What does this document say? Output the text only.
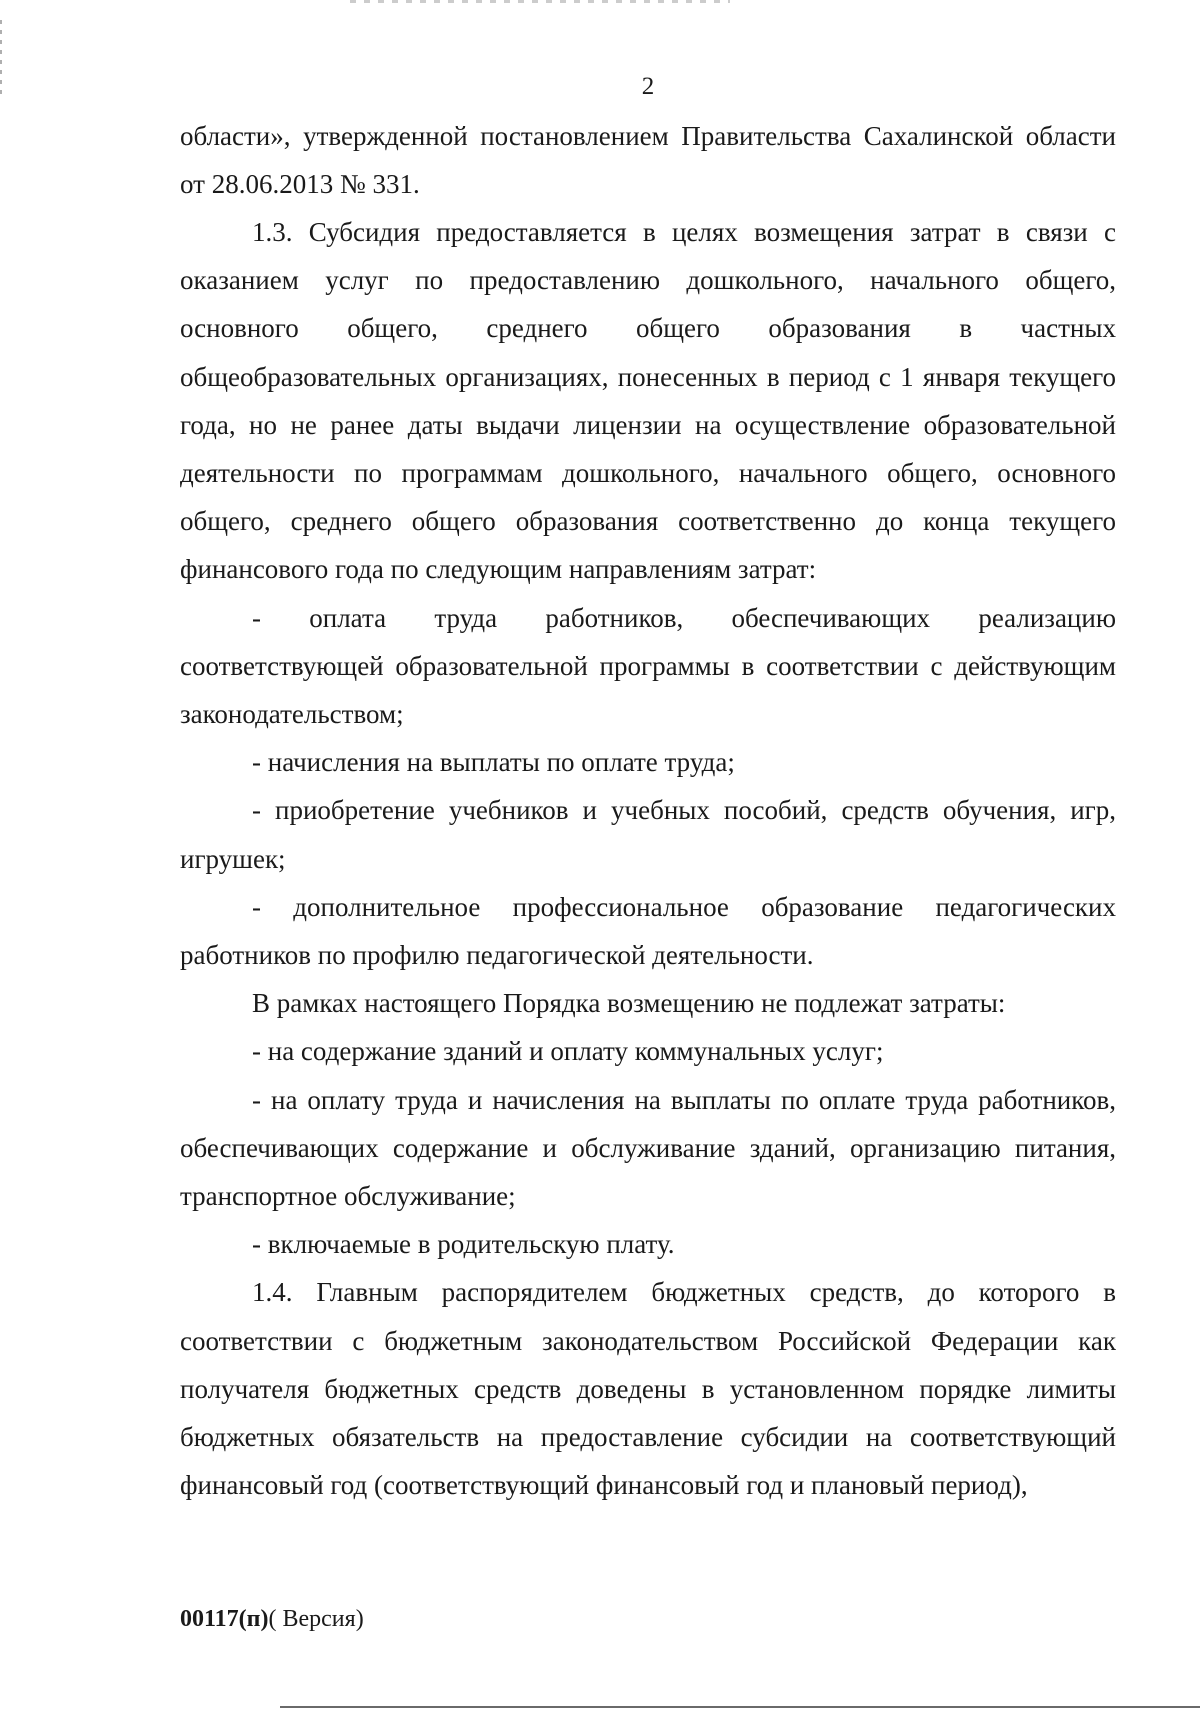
2

области», утвержденной постановлением Правительства Сахалинской области от 28.06.2013 № 331.

1.3. Субсидия предоставляется в целях возмещения затрат в связи с оказанием услуг по предоставлению дошкольного, начального общего, основного общего, среднего общего образования в частных общеобразовательных организациях, понесенных в период с 1 января текущего года, но не ранее даты выдачи лицензии на осуществление образовательной деятельности по программам дошкольного, начального общего, основного общего, среднего общего образования соответственно до конца текущего финансового года по следующим направлениям затрат:

- оплата труда работников, обеспечивающих реализацию соответствующей образовательной программы в соответствии с действующим законодательством;

- начисления на выплаты по оплате труда;

- приобретение учебников и учебных пособий, средств обучения, игр, игрушек;

- дополнительное профессиональное образование педагогических работников по профилю педагогической деятельности.

В рамках настоящего Порядка возмещению не подлежат затраты:

- на содержание зданий и оплату коммунальных услуг;

- на оплату труда и начисления на выплаты по оплате труда работников, обеспечивающих содержание и обслуживание зданий, организацию питания, транспортное обслуживание;

- включаемые в родительскую плату.

1.4. Главным распорядителем бюджетных средств, до которого в соответствии с бюджетным законодательством Российской Федерации как получателя бюджетных средств доведены в установленном порядке лимиты бюджетных обязательств на предоставление субсидии на соответствующий финансовый год (соответствующий финансовый год и плановый период),

00117(п)( Версия)
